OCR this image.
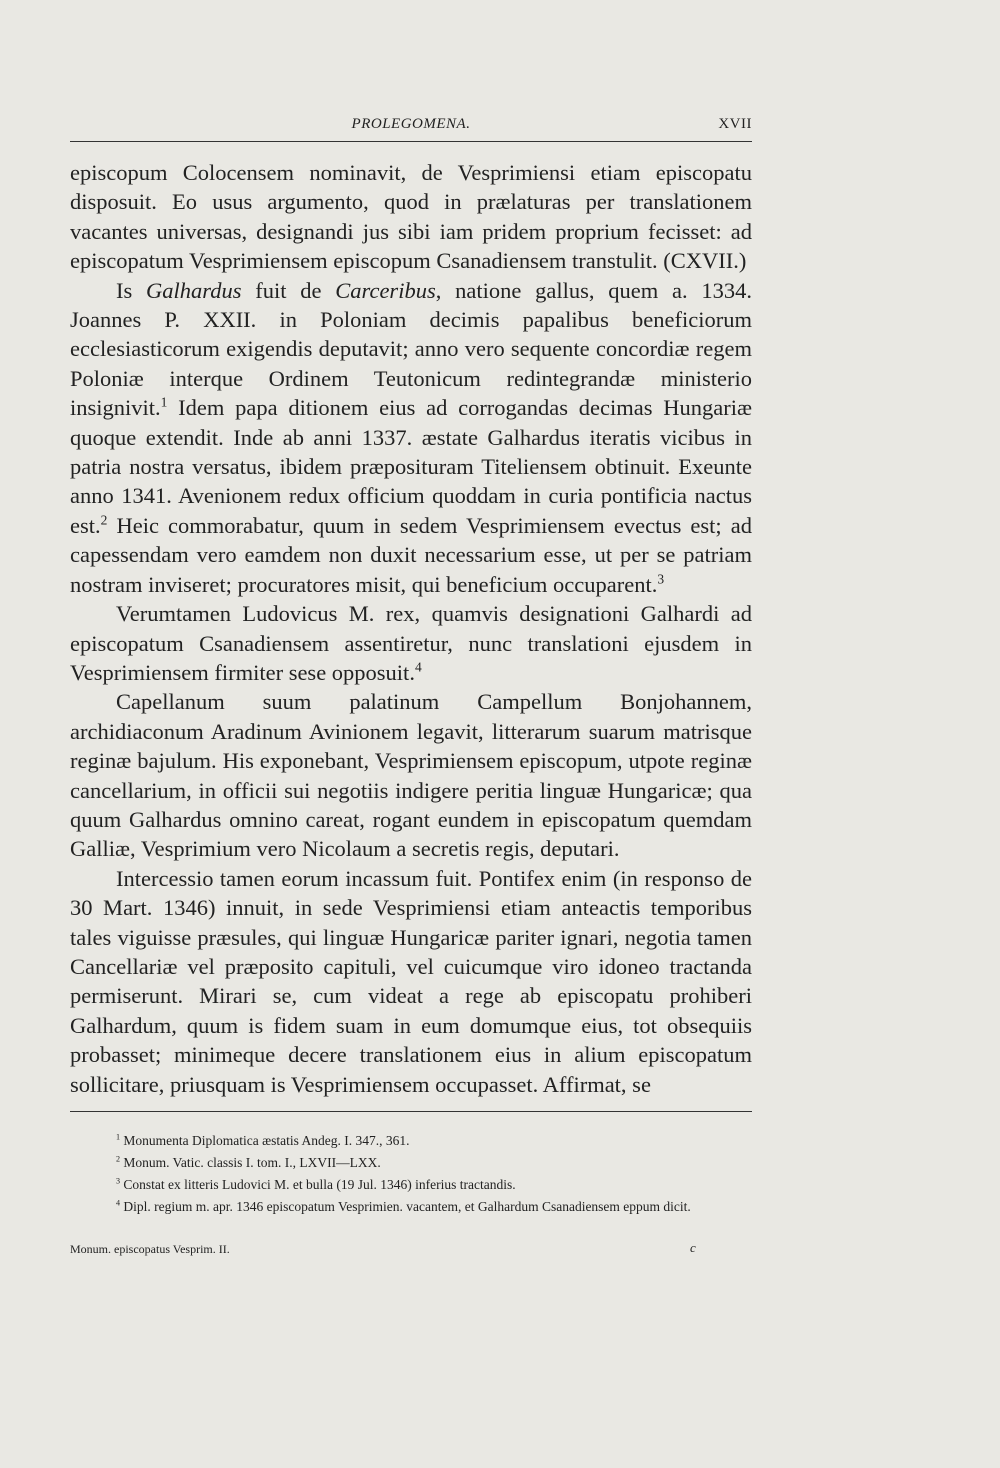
PROLEGOMENA.	XVII

episcopum Colocensem nominavit, de Vesprimiensi etiam episcopatu disposuit. Eo usus argumento, quod in prælaturas per translationem vacantes universas, designandi jus sibi iam pridem proprium fecisset: ad episcopatum Vesprimiensem episcopum Csanadiensem transtulit. (CXVII.)

Is Galhardus fuit de Carceribus, natione gallus, quem a. 1334. Joannes P. XXII. in Poloniam decimis papalibus beneficiorum ecclesiasticorum exigendis deputavit; anno vero sequente concordiæ regem Poloniæ interque Ordinem Teutonicum redintegrandæ ministerio insignivit.$^1$ Idem papa ditionem eius ad corrogandas decimas Hungariæ quoque extendit. Inde ab anni 1337. æstate Galhardus iteratis vicibus in patria nostra versatus, ibidem præposituram Titeliensem obtinuit. Exeunte anno 1341. Avenionem redux officium quoddam in curia pontificia nactus est.$^2$ Heic commorabatur, quum in sedem Vesprimiensem evectus est; ad capessendam vero eamdem non duxit necessarium esse, ut per se patriam nostram inviseret; procuratores misit, qui beneficium occuparent.$^3$

Verumtamen Ludovicus M. rex, quamvis designationi Galhardi ad episcopatum Csanadiensem assentiretur, nunc translationi ejusdem in Vesprimiensem firmiter sese opposuit.$^4$

Capellanum suum palatinum Campellum Bonjohannem, archidiaconum Aradinum Avinionem legavit, litterarum suarum matrisque reginæ bajulum. His exponebant, Vesprimiensem episcopum, utpote reginæ cancellarium, in officii sui negotiis indigere peritia linguæ Hungaricæ; qua quum Galhardus omnino careat, rogant eundem in episcopatum quemdam Galliæ, Vesprimium vero Nicolaum a secretis regis, deputari.

Intercessio tamen eorum incassum fuit. Pontifex enim (in responso de 30 Mart. 1346) innuit, in sede Vesprimiensi etiam anteactis temporibus tales viguisse præsules, qui linguæ Hungaricæ pariter ignari, negotia tamen Cancellariæ vel præposito capituli, vel cuicumque viro idoneo tractanda permiserunt. Mirari se, cum videat a rege ab episcopatu prohiberi Galhardum, quum is fidem suam in eum domumque eius, tot obsequiis probasset; minimeque decere translationem eius in alium episcopatum sollicitare, priusquam is Vesprimiensem occupasset. Affirmat, se

$^1$ Monumenta Diplomatica æstatis Andeg. I. 347., 361.

$^2$ Monum. Vatic. classis I. tom. I., LXVII—LXX.

$^3$ Constat ex litteris Ludovici M. et bulla (19 Jul. 1346) inferius tractandis.

$^4$ Dipl. regium m. apr. 1346 episcopatum Vesprimien. vacantem, et Galhardum Csanadiensem eppum dicit.

Monum. episcopatus Vesprim. II.	c
